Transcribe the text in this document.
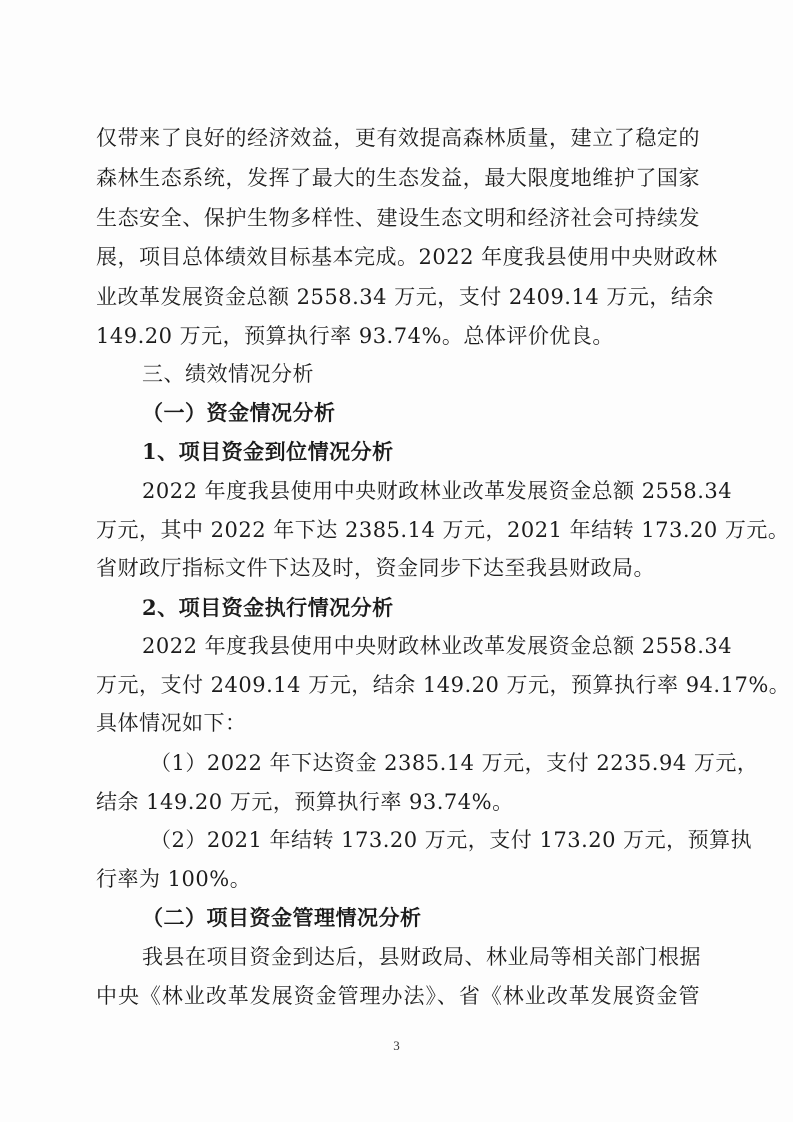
仅带来了良好的经济效益，更有效提高森林质量，建立了稳定的
森林生态系统，发挥了最大的生态发益，最大限度地维护了国家
生态安全、保护生物多样性、建设生态文明和经济社会可持续发
展，项目总体绩效目标基本完成。2022 年度我县使用中央财政林
业改革发展资金总额 2558.34 万元，支付 2409.14 万元，结余
149.20 万元，预算执行率 93.74%。总体评价优良。
三、绩效情况分析
（一）资金情况分析
1、项目资金到位情况分析
2022 年度我县使用中央财政林业改革发展资金总额 2558.34
万元，其中 2022 年下达 2385.14 万元，2021 年结转 173.20 万元。
省财政厅指标文件下达及时，资金同步下达至我县财政局。
2、项目资金执行情况分析
2022 年度我县使用中央财政林业改革发展资金总额 2558.34
万元，支付 2409.14 万元，结余 149.20 万元，预算执行率 94.17%。
具体情况如下：
（1）2022 年下达资金 2385.14 万元，支付 2235.94 万元，
结余 149.20 万元，预算执行率 93.74%。
（2）2021 年结转 173.20 万元，支付 173.20 万元，预算执
行率为 100%。
（二）项目资金管理情况分析
我县在项目资金到达后，县财政局、林业局等相关部门根据
中央《林业改革发展资金管理办法》、省《林业改革发展资金管
3
